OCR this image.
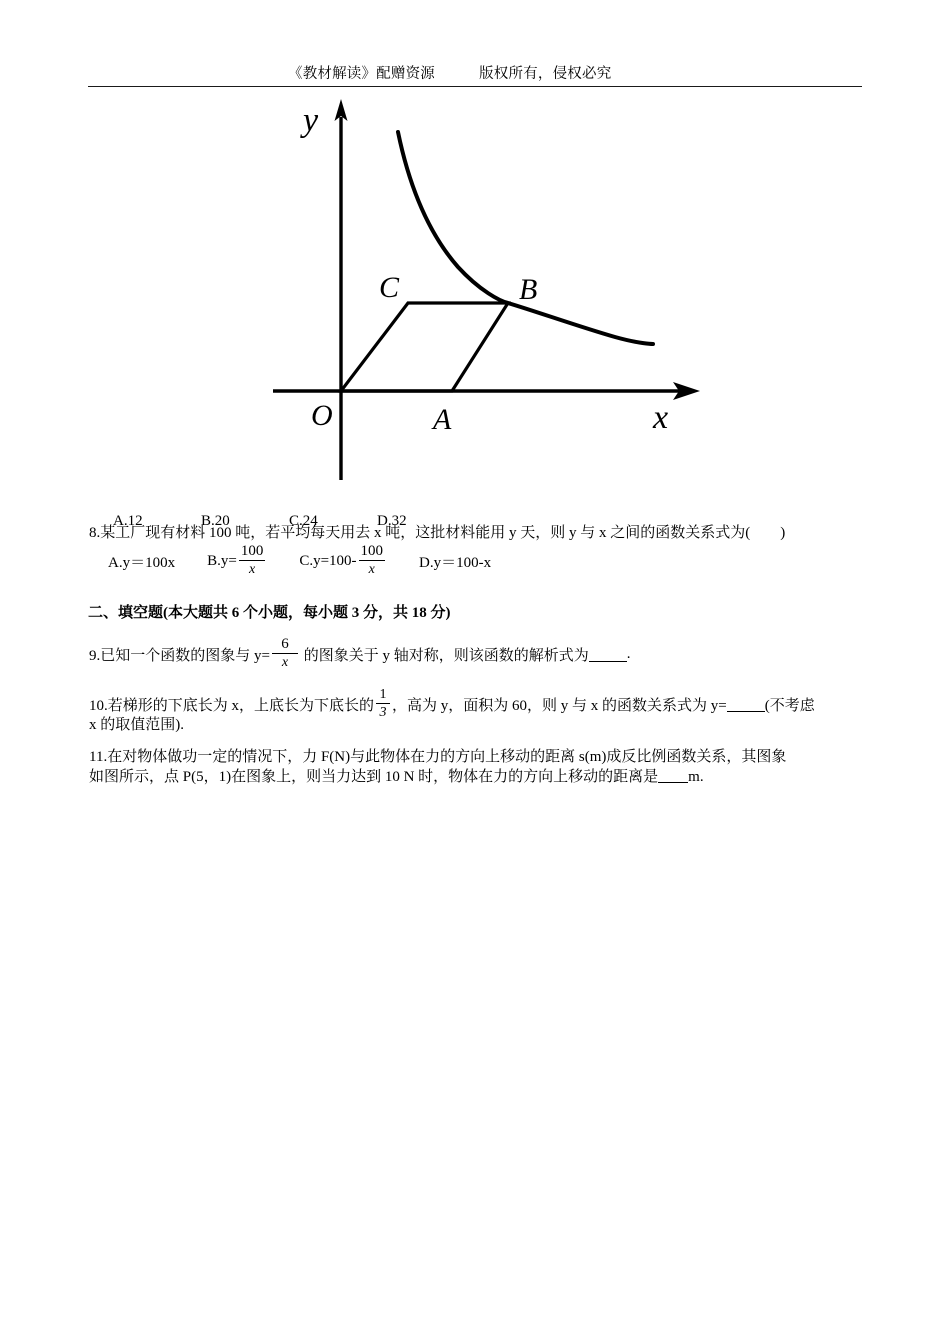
《教材解读》配赠资源　　　版权所有，侵权必究
y
x
O	A
B
C

A.12	B.20	C.24	D.32

8.某工厂现有材料 100 吨，若平均每天用去 x 吨，这批材料能用 y 天，则 y 与 x 之间的函数关系式为(        )
A.y＝100x $B.y= \frac{100}{x} C.y=100- \frac{100}{x} D.y=100-x$
二、填空题(本大题共 6 个小题，每小题 3 分，共 18 分)
9.已知一个函数的图象与 $y= \frac{6}{x}$ 的图象关于 y 轴对称，则该函数的解析式为	.
10.若梯形的下底长为 x，上底长为下底长的 $\frac{1}{3}$ ，高为 y，面积为 60，则 y 与 x 的函数关系式为 y=	(不考虑
x 的取值范围).
11.在对物体做功一定的情况下，力 F(N)与此物体在力的方向上移动的距离 s(m)成反比例函数关系，其图象
如图所示，点 P(5，1)在图象上，则当力达到 10 N 时，物体在力的方向上移动的距离是 m.
